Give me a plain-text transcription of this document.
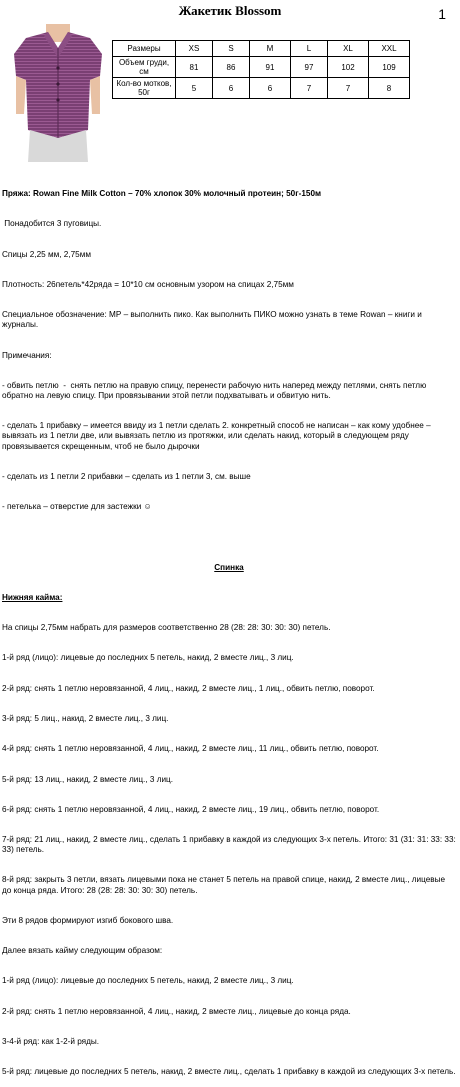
Жакетик Blossom	1
Размеры	XS	S	M	L	XL	XXL
Объем груди, см	81	86	91	97	102	109
Кол-во мотков, 50г	5	6	6	7	7	8

Пряжа: Rowan Fine Milk Cotton – 70% хлопок 30% молочный протеин; 50г-150м

Понадобится 3 пуговицы.

Спицы 2,25 мм, 2,75мм

Плотность: 26петель*42ряда = 10*10 см основным узором на спицах 2,75мм

Специальное обозначение: МР – выполнить пико. Как выполнить ПИКО можно узнать в теме Rowan – книги и журналы.

Примечания:

- обвить петлю  -  снять петлю на правую спицу, перенести рабочую нить наперед между петлями, снять петлю обратно на левую спицу. При провязывании этой петли подхватывать и обвитую нить.

- сделать 1 прибавку – имеется ввиду из 1 петли сделать 2. конкретный способ не написан – как кому удобнее – вывязать из 1 петли две, или вывязать петлю из протяжки, или сделать накид, который в следующем ряду провязывается скрещенным, чтоб не было дырочки

- сделать из 1 петли 2 прибавки – сделать из 1 петли 3, см. выше

- петелька – отверстие для застежки ☺

Спинка

Нижняя кайма:

На спицы 2,75мм набрать для размеров соответственно 28 (28: 28: 30: 30: 30) петель.

1-й ряд (лицо): лицевые до последних 5 петель, накид, 2 вместе лиц., 3 лиц.

2-й ряд: снять 1 петлю неровязанной, 4 лиц., накид, 2 вместе лиц., 1 лиц., обвить петлю, поворот.

3-й ряд: 5 лиц., накид, 2 вместе лиц., 3 лиц.

4-й ряд: снять 1 петлю неровязанной, 4 лиц., накид, 2 вместе лиц., 11 лиц., обвить петлю, поворот.

5-й ряд: 13 лиц., накид, 2 вместе лиц., 3 лиц.

6-й ряд: снять 1 петлю неровязанной, 4 лиц., накид, 2 вместе лиц., 19 лиц., обвить петлю, поворот.

7-й ряд: 21 лиц., накид, 2 вместе лиц., сделать 1 прибавку в каждой из следующих 3-х петель. Итого: 31 (31: 31: 33: 33: 33) петель.

8-й ряд: закрыть 3 петли, вязать лицевыми пока не станет 5 петель на правой спице, накид, 2 вместе лиц., лицевые до конца ряда. Итого: 28 (28: 28: 30: 30: 30) петель.

Эти 8 рядов формируют изгиб бокового шва.

Далее вязать кайму следующим образом:

1-й ряд (лицо): лицевые до последних 5 петель, накид, 2 вместе лиц., 3 лиц.

2-й ряд: снять 1 петлю неровязанной, 4 лиц., накид, 2 вместе лиц., лицевые до конца ряда.

3-4-й ряд: как 1-2-й ряды.

5-й ряд: лицевые до последних 5 петель, накид, 2 вместе лиц., сделать 1 прибавку в каждой из следующих 3-х петель.
